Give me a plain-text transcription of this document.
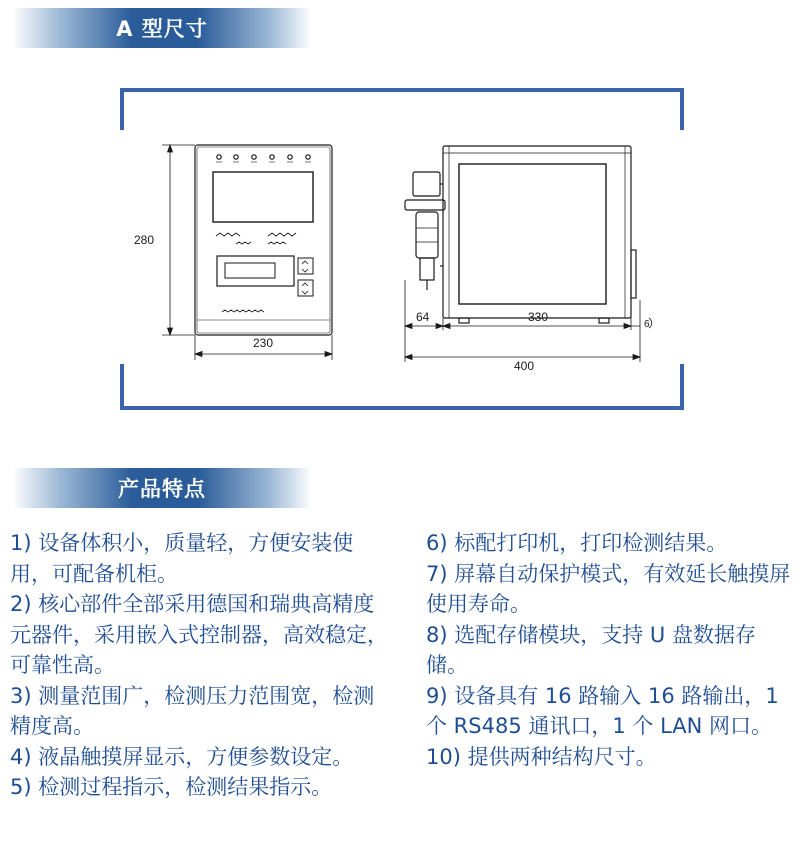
A 型尺寸
280
230
64	330
400
6
产品特点
1) 设备体积小，质量轻，方便安装使用，可配备机柜。
2) 核心部件全部采用德国和瑞典高精度元器件，采用嵌入式控制器，高效稳定，可靠性高。
3) 测量范围广，检测压力范围宽，检测精度高。
4) 液晶触摸屏显示，方便参数设定。
5) 检测过程指示，检测结果指示。
6) 标配打印机，打印检测结果。
7) 屏幕自动保护模式，有效延长触摸屏使用寿命。
8) 选配存储模块，支持 U 盘数据存储。
9) 设备具有 16 路输入 16 路输出，1 个 RS485 通讯口，1 个 LAN 网口。
10) 提供两种结构尺寸。
